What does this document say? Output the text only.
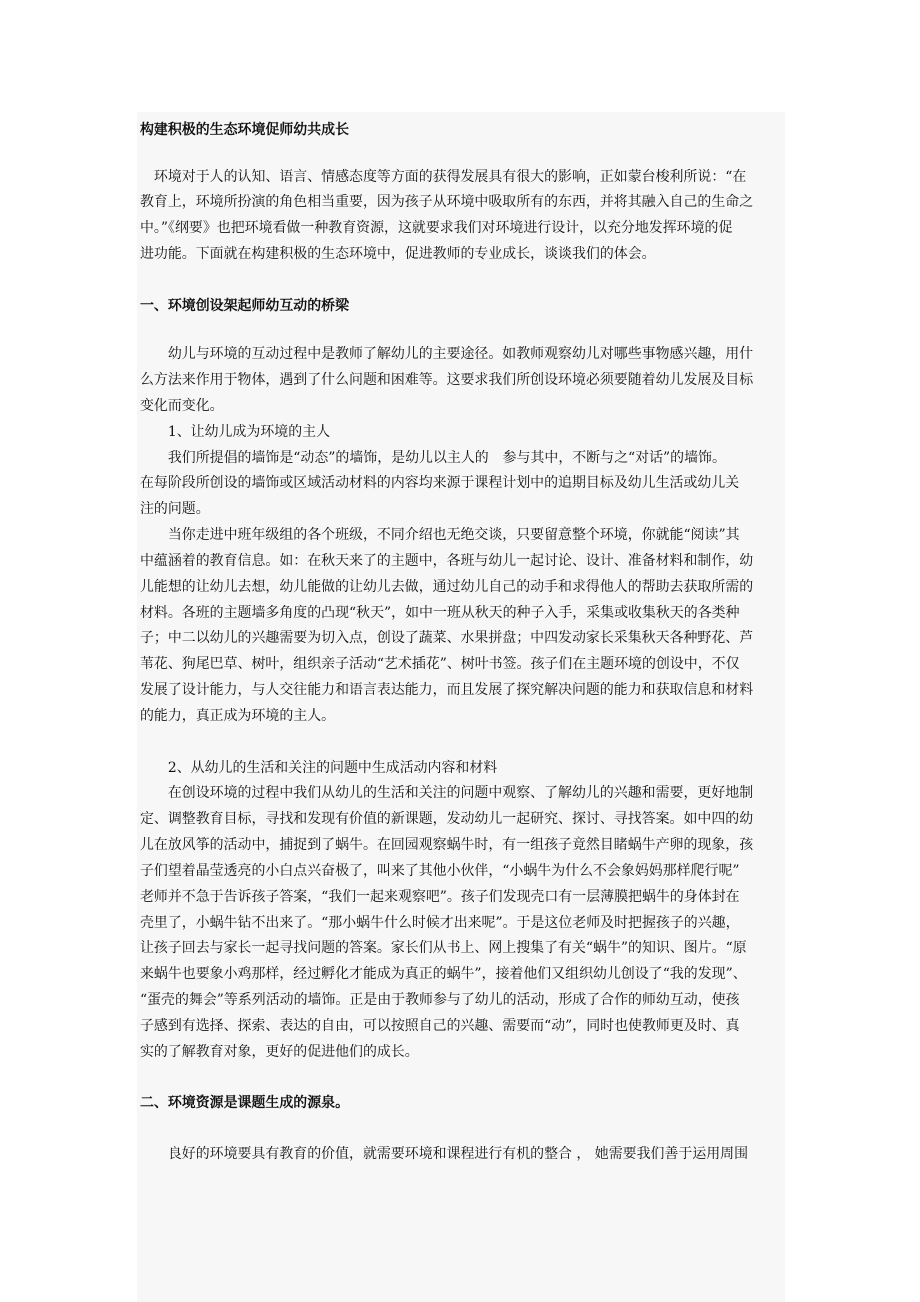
构建积极的生态环境促师幼共成长
　环境对于人的认知、语言、情感态度等方面的获得发展具有很大的影响，正如蒙台梭利所说：“在
教育上，环境所扮演的角色相当重要，因为孩子从环境中吸取所有的东西，并将其融入自己的生命之
中。”《纲要》也把环境看做一种教育资源，这就要求我们对环境进行设计，以充分地发挥环境的促
进功能。下面就在构建积极的生态环境中，促进教师的专业成长，谈谈我们的体会。
一、环境创设架起师幼互动的桥梁
　　幼儿与环境的互动过程中是教师了解幼儿的主要途径。如教师观察幼儿对哪些事物感兴趣，用什
么方法来作用于物体，遇到了什么问题和困难等。这要求我们所创设环境必须要随着幼儿发展及目标
变化而变化。
　　1、让幼儿成为环境的主人
　　我们所提倡的墙饰是“动态”的墙饰，是幼儿以主人的　参与其中，不断与之“对话”的墙饰。
在每阶段所创设的墙饰或区域活动材料的内容均来源于课程计划中的追期目标及幼儿生活或幼儿关
注的问题。
　　当你走进中班年级组的各个班级，不同介绍也无绝交谈，只要留意整个环境，你就能“阅读”其
中蕴涵着的教育信息。如：在秋天来了的主题中，各班与幼儿一起讨论、设计、准备材料和制作，幼
儿能想的让幼儿去想，幼儿能做的让幼儿去做，通过幼儿自己的动手和求得他人的帮助去获取所需的
材料。各班的主题墙多角度的凸现“秋天”，如中一班从秋天的种子入手，采集或收集秋天的各类种
子；中二以幼儿的兴趣需要为切入点，创设了蔬菜、水果拼盘；中四发动家长采集秋天各种野花、芦
苇花、狗尾巴草、树叶，组织亲子活动“艺术插花”、树叶书签。孩子们在主题环境的创设中，不仅
发展了设计能力，与人交往能力和语言表达能力，而且发展了探究解决问题的能力和获取信息和材料
的能力，真正成为环境的主人。
　　2、从幼儿的生活和关注的问题中生成活动内容和材料
　　在创设环境的过程中我们从幼儿的生活和关注的问题中观察、了解幼儿的兴趣和需要，更好地制
定、调整教育目标，寻找和发现有价值的新课题，发动幼儿一起研究、探讨、寻找答案。如中四的幼
儿在放风筝的活动中，捕捉到了蜗牛。在回园观察蜗牛时，有一组孩子竟然目睹蜗牛产卵的现象，孩
子们望着晶莹透亮的小白点兴奋极了，叫来了其他小伙伴，“小蜗牛为什么不会象妈妈那样爬行呢”
老师并不急于告诉孩子答案，“我们一起来观察吧”。孩子们发现壳口有一层薄膜把蜗牛的身体封在
壳里了，小蜗牛钻不出来了。“那小蜗牛什么时候才出来呢”。于是这位老师及时把握孩子的兴趣，
让孩子回去与家长一起寻找问题的答案。家长们从书上、网上搜集了有关“蜗牛”的知识、图片。“原
来蜗牛也要象小鸡那样，经过孵化才能成为真正的蜗牛”，接着他们又组织幼儿创设了“我的发现”、
“蛋壳的舞会”等系列活动的墙饰。正是由于教师参与了幼儿的活动，形成了合作的师幼互动，使孩
子感到有选择、探索、表达的自由，可以按照自己的兴趣、需要而“动”，同时也使教师更及时、真
实的了解教育对象，更好的促进他们的成长。
二、环境资源是课题生成的源泉。
　　良好的环境要具有教育的价值，就需要环境和课程进行有机的整合 ， 她需要我们善于运用周围
